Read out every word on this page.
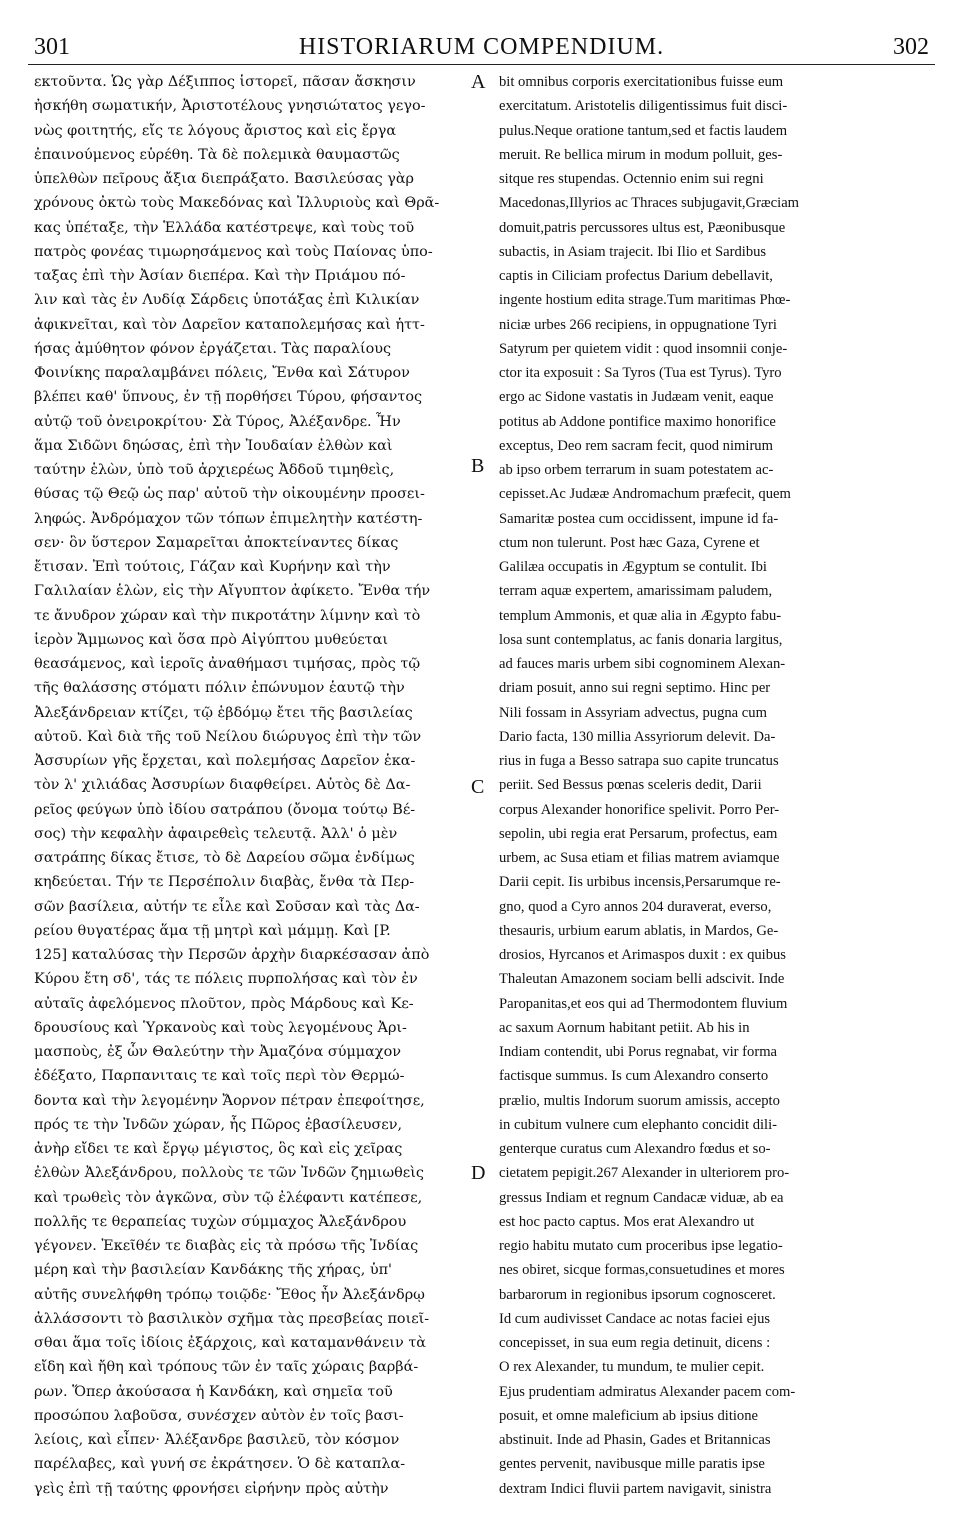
301	HISTORIARUM COMPENDIUM.	302
εκτοῦντα. Ὡς γὰρ Δέξιππος ἱστορεῖ, πᾶσαν ἄσκησιν
ἠσκήθη σωματικήν, Ἀριστοτέλους γνησιώτατος γεγο-
νὼς φοιτητής, εἴς τε λόγους ἄριστος καὶ εἰς ἔργα
ἐπαινούμενος εὑρέθη. Τὰ δὲ πολεμικὰ θαυμαστῶς
ὑπελθὼν πεῖρους ἄξια διεπράξατο. Βασιλεύσας γὰρ
χρόνους ὀκτὼ τοὺς Μακεδόνας καὶ Ἰλλυριοὺς καὶ Θρᾶ-
κας ὑπέταξε, τὴν Ἑλλάδα κατέστρεψε, καὶ τοὺς τοῦ
πατρὸς φονέας τιμωρησάμενος καὶ τοὺς Παίονας ὑπο-
ταξας ἐπὶ τὴν Ἀσίαν διεπέρα. Καὶ τὴν Πριάμου πό-
λιν καὶ τὰς ἐν Λυδίᾳ Σάρδεις ὑποτάξας ἐπὶ Κιλικίαν
ἀφικνεῖται, καὶ τὸν Δαρεῖον καταπολεμήσας καὶ ἡττ-
ήσας ἀμύθητον φόνον ἐργάζεται. Τὰς παραλίους
Φοινίκης παραλαμβάνει πόλεις, Ἔνθα καὶ Σάτυρον
βλέπει καθ' ὕπνους, ἐν τῇ πορθήσει Τύρου, φήσαντος
αὐτῷ τοῦ ὀνειροκρίτου· Σὰ Τύρος, Ἀλέξανδρε. Ἦν
ἅμα Σιδῶνι δηώσας, ἐπὶ τὴν Ἰουδαίαν ἐλθὼν καὶ
ταύτην ἑλὼν, ὑπὸ τοῦ ἀρχιερέως Ἀδδοῦ τιμηθεὶς,
θύσας τῷ Θεῷ ὡς παρ' αὐτοῦ τὴν οἰκουμένην προσει-
ληφώς. Ἀνδρόμαχον τῶν τόπων ἐπιμελητὴν κατέστη-
σεν· ὃν ὕστερον Σαμαρεῖται ἀποκτείναντες δίκας
ἔτισαν. Ἐπὶ τούτοις, Γάζαν καὶ Κυρήνην καὶ τὴν
Γαλιλαίαν ἑλὼν, εἰς τὴν Αἴγυπτον ἀφίκετο. Ἔνθα τήν
τε ἄνυδρον χώραν καὶ τὴν πικροτάτην λίμνην καὶ τὸ
ἱερὸν Ἄμμωνος καὶ ὅσα πρὸ Αἰγύπτου μυθεύεται
θεασάμενος, καὶ ἱεροῖς ἀναθήμασι τιμήσας, πρὸς τῷ
τῆς θαλάσσης στόματι πόλιν ἐπώνυμον ἑαυτῷ τὴν
Ἀλεξάνδρειαν κτίζει, τῷ ἑβδόμῳ ἔτει τῆς βασιλείας
αὐτοῦ. Καὶ διὰ τῆς τοῦ Νείλου διώρυγος ἐπὶ τὴν τῶν
Ἀσσυρίων γῆς ἔρχεται, καὶ πολεμήσας Δαρεῖον ἑκα-
τὸν λ' χιλιάδας Ἀσσυρίων διαφθείρει. Αὐτὸς δὲ Δα-
ρεῖος φεύγων ὑπὸ ἰδίου σατράπου (ὄνομα τούτῳ Βέ-
σος) τὴν κεφαλὴν ἀφαιρεθεὶς τελευτᾷ. Ἀλλ' ὁ μὲν
σατράπης δίκας ἔτισε, τὸ δὲ Δαρείου σῶμα ἐνδίμως
κηδεύεται. Τήν τε Περσέπολιν διαβὰς, ἔνθα τὰ Περ-
σῶν βασίλεια, αὐτήν τε εἷλε καὶ Σοῦσαν καὶ τὰς Δα-
ρείου θυγατέρας ἅμα τῇ μητρὶ καὶ μάμμῃ. Καὶ [P.
125] καταλύσας τὴν Περσῶν ἀρχὴν διαρκέσασαν ἀπὸ
Κύρου ἔτη σδ', τάς τε πόλεις πυρπολήσας καὶ τὸν ἐν
αὐταῖς ἀφελόμενος πλοῦτον, πρὸς Μάρδους καὶ Κε-
δρουσίους καὶ Ὑρκανοὺς καὶ τοὺς λεγομένους Ἀρι-
μασποὺς, ἐξ ὧν Θαλεύτην τὴν Ἀμαζόνα σύμμαχον
ἐδέξατο, Παρπανιταις τε καὶ τοῖς περὶ τὸν Θερμώ-
δοντα καὶ τὴν λεγομένην Ἄορνον πέτραν ἐπεφοίτησε,
πρός τε τὴν Ἰνδῶν χώραν, ἧς Πῶρος ἐβασίλευσεν,
ἀνὴρ εἴδει τε καὶ ἔργῳ μέγιστος, ὃς καὶ εἰς χεῖρας
ἐλθὼν Ἀλεξάνδρου, πολλοὺς τε τῶν Ἰνδῶν ζημιωθεὶς
καὶ τρωθεὶς τὸν ἀγκῶνα, σὺν τῷ ἐλέφαντι κατέπεσε,
πολλῆς τε θεραπείας τυχὼν σύμμαχος Ἀλεξάνδρου
γέγονεν. Ἐκεῖθέν τε διαβὰς εἰς τὰ πρόσω τῆς Ἰνδίας
μέρη καὶ τὴν βασιλείαν Κανδάκης τῆς χήρας, ὑπ'
αὐτῆς συνελήφθη τρόπῳ τοιῷδε· Ἔθος ἦν Ἀλεξάνδρῳ
ἀλλάσσοντι τὸ βασιλικὸν σχῆμα τὰς πρεσβείας ποιεῖ-
σθαι ἅμα τοῖς ἰδίοις ἐξάρχοις, καὶ καταμανθάνειν τὰ
εἴδη καὶ ἤθη καὶ τρόπους τῶν ἐν ταῖς χώραις βαρβά-
ρων. Ὅπερ ἀκούσασα ἡ Κανδάκη, καὶ σημεῖα τοῦ
προσώπου λαβοῦσα, συνέσχεν αὐτὸν ἐν τοῖς βασι-
λείοις, καὶ εἶπεν· Ἀλέξανδρε βασιλεῦ, τὸν κόσμον
παρέλαβες, καὶ γυνή σε ἐκράτησεν. Ὁ δὲ καταπλα-
γεὶς ἐπὶ τῇ ταύτης φρονήσει εἰρήνην πρὸς αὐτὴν
bit omnibus corporis exercitationibus fuisse eum
exercitatum. Aristotelis diligentissimus fuit disci-
pulus.Neque oratione tantum,sed et factis laudem
meruit. Re bellica mirum in modum polluit, ges-
sitque res stupendas. Octennio enim sui regni
Macedonas,Illyrios ac Thraces subjugavit,Græciam
domuit,patris percussores ultus est, Pæonibusque
subactis, in Asiam trajecit. Ibi Ilio et Sardibus
captis in Ciliciam profectus Darium debellavit,
ingente hostium edita strage.Tum maritimas Phœ-
niciæ urbes 266 recipiens, in oppugnatione Tyri
Satyrum per quietem vidit : quod insomnii conje-
ctor ita exposuit : Sa Tyros (Tua est Tyrus). Tyro
ergo ac Sidone vastatis in Judæam venit, eaque
potitus ab Addone pontifice maximo honorifice
exceptus, Deo rem sacram fecit, quod nimirum
ab ipso orbem terrarum in suam potestatem ac-
cepisset.Ac Judææ Andromachum præfecit, quem
Samaritæ postea cum occidissent, impune id fa-
ctum non tulerunt. Post hæc Gaza, Cyrene et
Galilæa occupatis in Ægyptum se contulit. Ibi
terram aquæ expertem, amarissimam paludem,
templum Ammonis, et quæ alia in Ægypto fabu-
losa sunt contemplatus, ac fanis donaria largitus,
ad fauces maris urbem sibi cognominem Alexan-
driam posuit, anno sui regni septimo. Hinc per
Nili fossam in Assyriam advectus, pugna cum
Dario facta, 130 millia Assyriorum delevit. Da-
rius in fuga a Besso satrapa suo capite truncatus
periit. Sed Bessus pœnas sceleris dedit, Darii
corpus Alexander honorifice spelivit. Porro Per-
sepolin, ubi regia erat Persarum, profectus, eam
urbem, ac Susa etiam et filias matrem aviamque
Darii cepit. Iis urbibus incensis,Persarumque re-
gno, quod a Cyro annos 204 duraverat, everso,
thesauris, urbium earum ablatis, in Mardos, Ge-
drosios, Hyrcanos et Arimaspos duxit : ex quibus
Thaleutan Amazonem sociam belli adscivit. Inde
Paropanitas,et eos qui ad Thermodontem fluvium
ac saxum Aornum habitant petiit. Ab his in
Indiam contendit, ubi Porus regnabat, vir forma
factisque summus. Is cum Alexandro conserto
prælio, multis Indorum suorum amissis, accepto
in cubitum vulnere cum elephanto concidit dili-
genterque curatus cum Alexandro fœdus et so-
cietatem pepigit.267 Alexander in ulteriorem pro-
gressus Indiam et regnum Candacæ viduæ, ab ea
est hoc pacto captus. Mos erat Alexandro ut
regio habitu mutato cum proceribus ipse legatio-
nes obiret, sicque formas,consuetudines et mores
barbarorum in regionibus ipsorum cognosceret.
Id cum audivisset Candace ac notas faciei ejus
concepisset, in sua eum regia detinuit, dicens :
O rex Alexander, tu mundum, te mulier cepit.
Ejus prudentiam admiratus Alexander pacem com-
posuit, et omne maleficium ab ipsius ditione
abstinuit. Inde ad Phasin, Gades et Britannicas
gentes pervenit, navibusque mille paratis ipse
dextram Indici fluvii partem navigavit, sinistra
A
B
C
D
